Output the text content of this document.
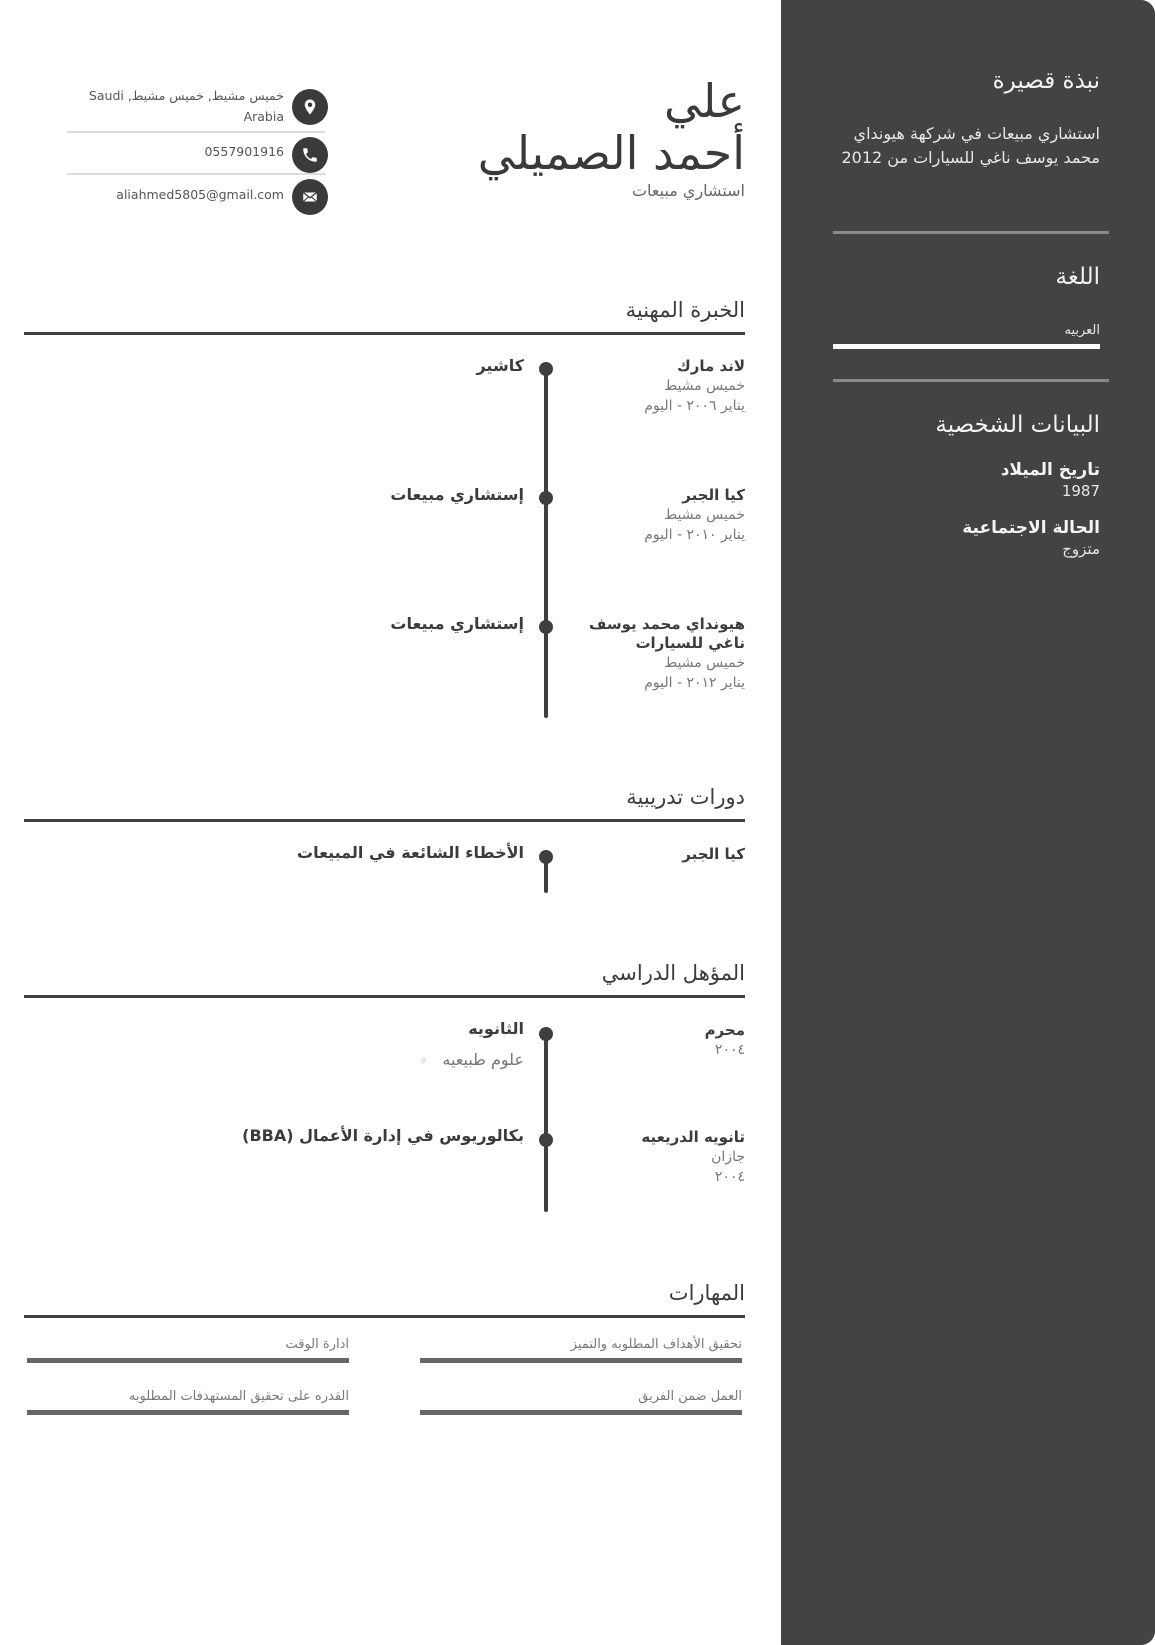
نبذة قصيرة
استشاري مبيعات في شركهة هيونداي محمد يوسف ناغي للسيارات من 2012
اللغة
العربيه
البيانات الشخصية
تاريخ الميلاد
1987
الحالة الاجتماعية
متزوج
علي
أحمد الصميلي
استشاري مبيعات
خميس مشيط, خميس مشيط, Saudi Arabia
0557901916
aliahmed5805@gmail.com
الخبرة المهنية
لاند مارك
خميس مشيط
يناير ٢٠٠٦ - اليوم
كاشير
كيا الجبر
خميس مشيط
يناير ٢٠١٠ - اليوم
إستشاري مبيعات
هيونداي محمد يوسف ناغي للسيارات
خميس مشيط
يناير ٢٠١٢ - اليوم
إستشاري مبيعات
دورات تدريبية
كيا الجبر
الأخطاء الشائعة في المبيعات
المؤهل الدراسي
محرم
٢٠٠٤
الثانويه
علوم طبيعيه ◦
تانويه الدريعيه
جازان
٢٠٠٤
بكالوريوس في إدارة الأعمال (BBA)
المهارات
تحقيق الأهداف المطلوبه والتميز
ادارة الوقت
العمل ضمن الفريق
القدره على تحقيق المستهدفات المطلوبه
